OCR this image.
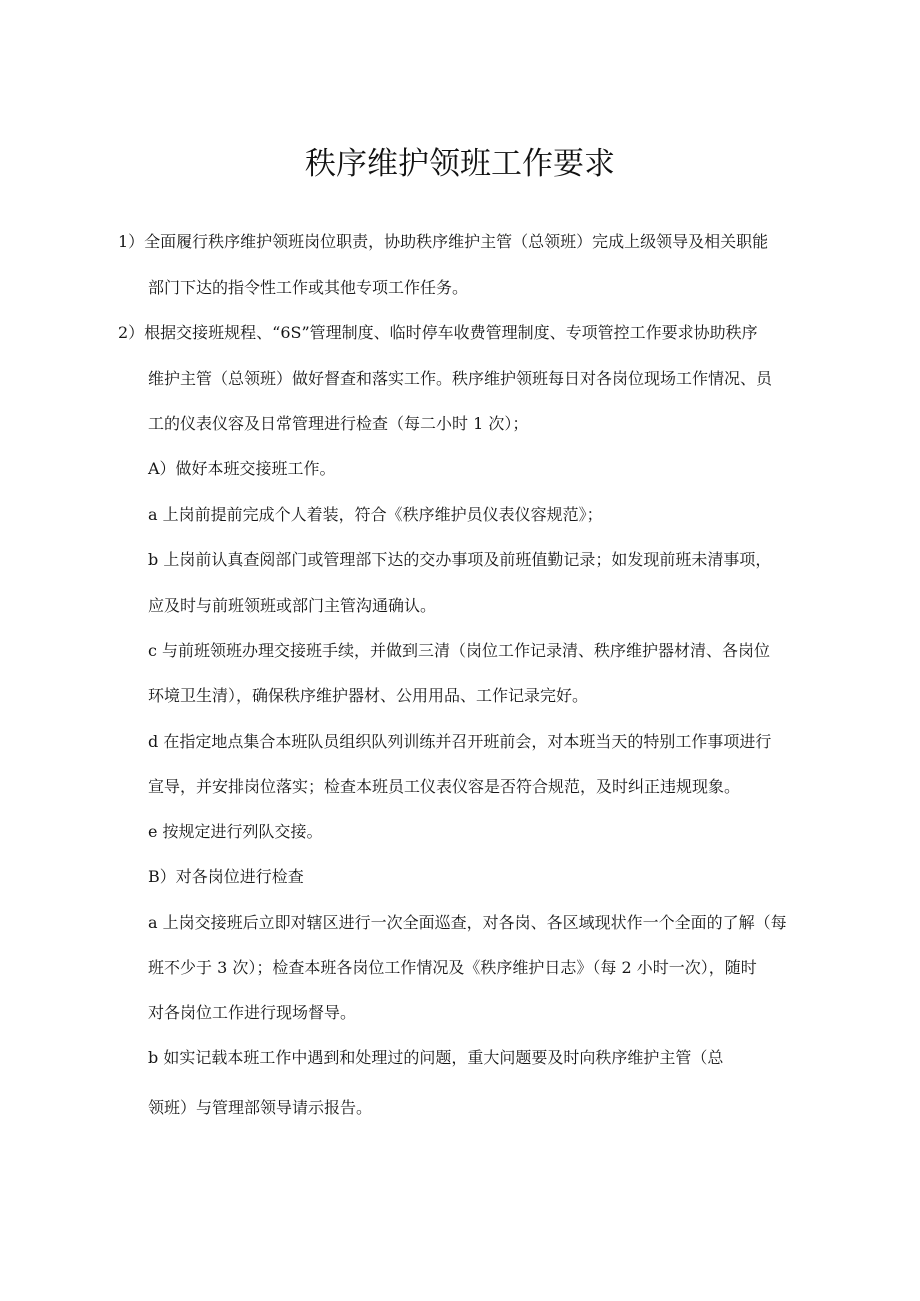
秩序维护领班工作要求
1）全面履行秩序维护领班岗位职责，协助秩序维护主管（总领班）完成上级领导及相关职能
部门下达的指令性工作或其他专项工作任务。
2）根据交接班规程、“6S”管理制度、临时停车收费管理制度、专项管控工作要求协助秩序
维护主管（总领班）做好督查和落实工作。秩序维护领班每日对各岗位现场工作情况、员
工的仪表仪容及日常管理进行检查（每二小时 1 次）；
A）做好本班交接班工作。
a 上岗前提前完成个人着装，符合《秩序维护员仪表仪容规范》；
b 上岗前认真查阅部门或管理部下达的交办事项及前班值勤记录；如发现前班未清事项，
应及时与前班领班或部门主管沟通确认。
c 与前班领班办理交接班手续，并做到三清（岗位工作记录清、秩序维护器材清、各岗位
环境卫生清），确保秩序维护器材、公用用品、工作记录完好。
d 在指定地点集合本班队员组织队列训练并召开班前会，对本班当天的特别工作事项进行
宣导，并安排岗位落实；检查本班员工仪表仪容是否符合规范，及时纠正违规现象。
e 按规定进行列队交接。
B）对各岗位进行检查
a 上岗交接班后立即对辖区进行一次全面巡查，对各岗、各区域现状作一个全面的了解（每
班不少于 3 次）；检查本班各岗位工作情况及《秩序维护日志》（每 2 小时一次），随时
对各岗位工作进行现场督导。
b 如实记载本班工作中遇到和处理过的问题，重大问题要及时向秩序维护主管（总
领班）与管理部领导请示报告。
